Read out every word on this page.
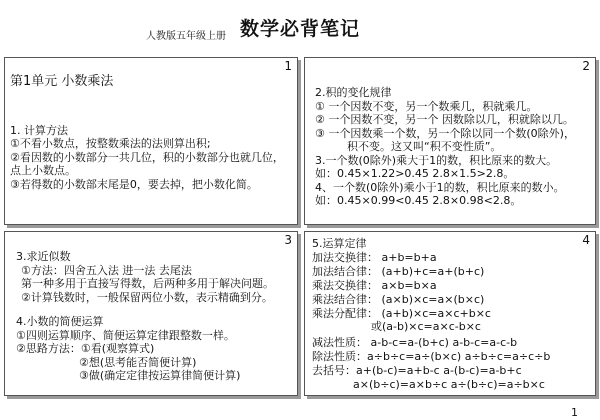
人教版五年级上册 数学必背笔记
1
第1单元 小数乘法
1. 计算方法
①不看小数点，按整数乘法的法则算出积;
②看因数的小数部分一共几位，积的小数部分也就几位，
点上小数点。
③若得数的小数部末尾是0，要去掉，把小数化简。
2
2.积的变化规律
① 一个因数不变，另一个数乘几，积就乘几。
② 一个因数不变，另一个 因数除以几，积就除以几。
③ 一个因数乘一个数，另一个除以同一个数(0除外)，
积不变。这又叫“积不变性质”。
3.一个数(0除外)乘大于1的数，积比原来的数大。
如：0.45×1.22>0.45 2.8×1.5>2.8。
4、一个数(0除外)乘小于1的数，积比原来的数小。
如：0.45×0.99<0.45 2.8×0.98<2.8。
3
3.求近似数
①方法：四舍五入法 进一法 去尾法
第一种多用于直接写得数，后两种多用于解决问题。
②计算钱数时，一般保留两位小数，表示精确到分。
4.小数的简便运算
①四则运算顺序、简便运算定律跟整数一样。
②思路方法：①看(观察算式)
②想(思考能否简便计算)
③做(确定定律按运算律简便计算)
4
5.运算定律
加法交换律： a+b=b+a
加法结合律： (a+b)+c=a+(b+c)
乘法交换律： a×b=b×a
乘法结合律： (a×b)×c=a×(b×c)
乘法分配律： (a+b)×c=a×c+b×c
或(a-b)×c=a×c-b×c
减法性质： a-b-c=a-(b+c) a-b-c=a-c-b
除法性质：a÷b÷c=a÷(b×c) a÷b÷c=a÷c÷b
去括号：a+(b-c)=a+b-c a-(b-c)=a-b+c
a×(b÷c)=a×b÷c a÷(b÷c)=a÷b×c
1
